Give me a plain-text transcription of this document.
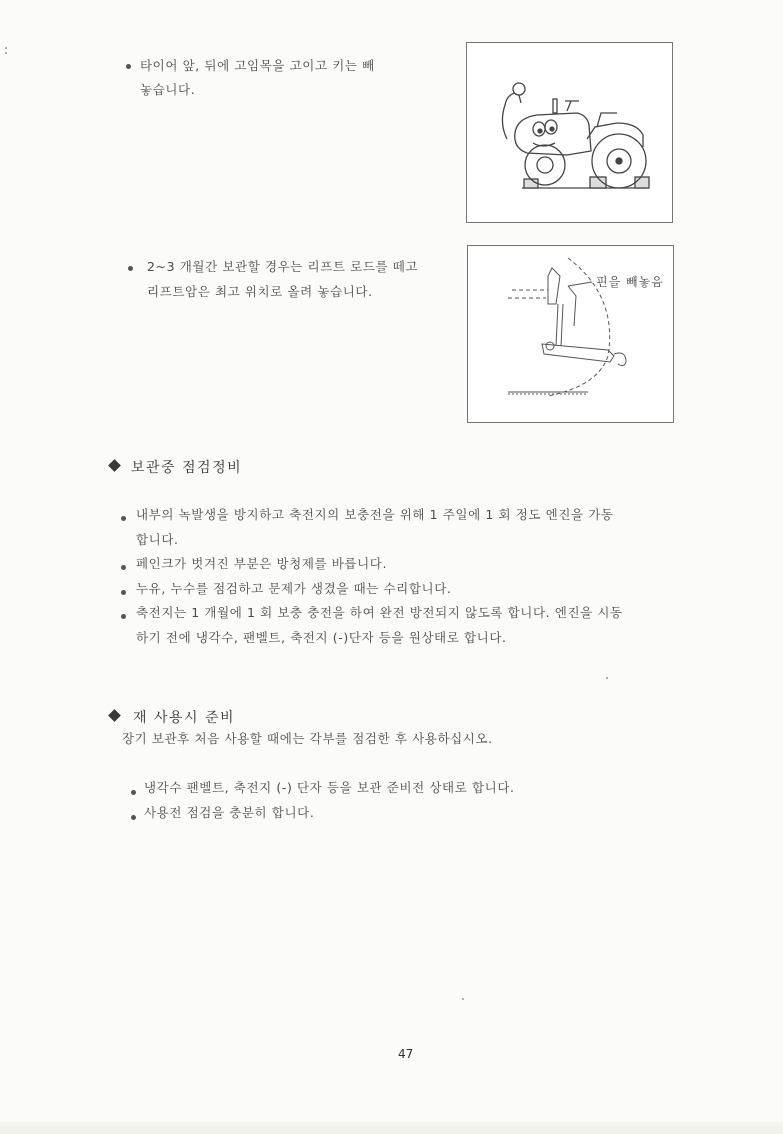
타이어 앞, 뒤에 고임목을 고이고 키는 빼
놓습니다.
2~3 개월간 보관할 경우는 리프트 로드를 떼고
리프트암은 최고 위치로 올려 놓습니다.
핀을 빼놓음
보관중 점검정비
내부의 녹발생을 방지하고 축전지의 보충전을 위해 1 주일에 1 회 정도 엔진을 가동
합니다.
페인크가 벗겨진 부분은 방청제를 바릅니다.
누유, 누수를 점검하고 문제가 생겼을 때는 수리합니다.
축전지는 1 개월에 1 회 보충 충전을 하여 완전 방전되지 않도록 합니다. 엔진을 시동
하기 전에 냉각수, 팬벨트, 축전지 (-)단자 등을 원상태로 합니다.
재 사용시 준비
장기 보관후 처음 사용할 때에는 각부를 점검한 후 사용하십시오.
냉각수 팬벨트, 축전지 (-) 단자 등을 보관 준비전 상태로 합니다.
사용전 점검을 충분히 합니다.
47
